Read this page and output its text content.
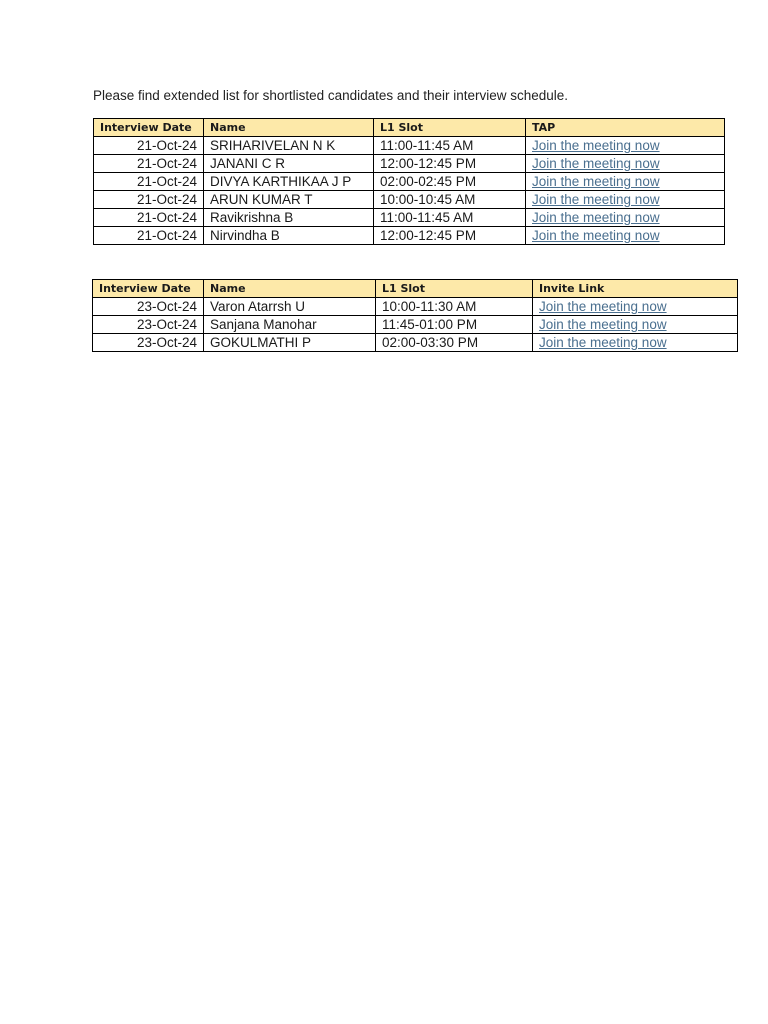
Please find extended list for shortlisted candidates and their interview schedule.
Interview Date	Name	L1 Slot	TAP
21-Oct-24	SRIHARIVELAN N K	11:00-11:45 AM	Join the meeting now
21-Oct-24	JANANI C R	12:00-12:45 PM	Join the meeting now
21-Oct-24	DIVYA KARTHIKAA J P	02:00-02:45 PM	Join the meeting now
21-Oct-24	ARUN KUMAR T	10:00-10:45 AM	Join the meeting now
21-Oct-24	Ravikrishna B	11:00-11:45 AM	Join the meeting now
21-Oct-24	Nirvindha B	12:00-12:45 PM	Join the meeting now
Interview Date	Name	L1 Slot	Invite Link
23-Oct-24	Varon Atarrsh U	10:00-11:30 AM	Join the meeting now
23-Oct-24	Sanjana Manohar	11:45-01:00 PM	Join the meeting now
23-Oct-24	GOKULMATHI P	02:00-03:30 PM	Join the meeting now
